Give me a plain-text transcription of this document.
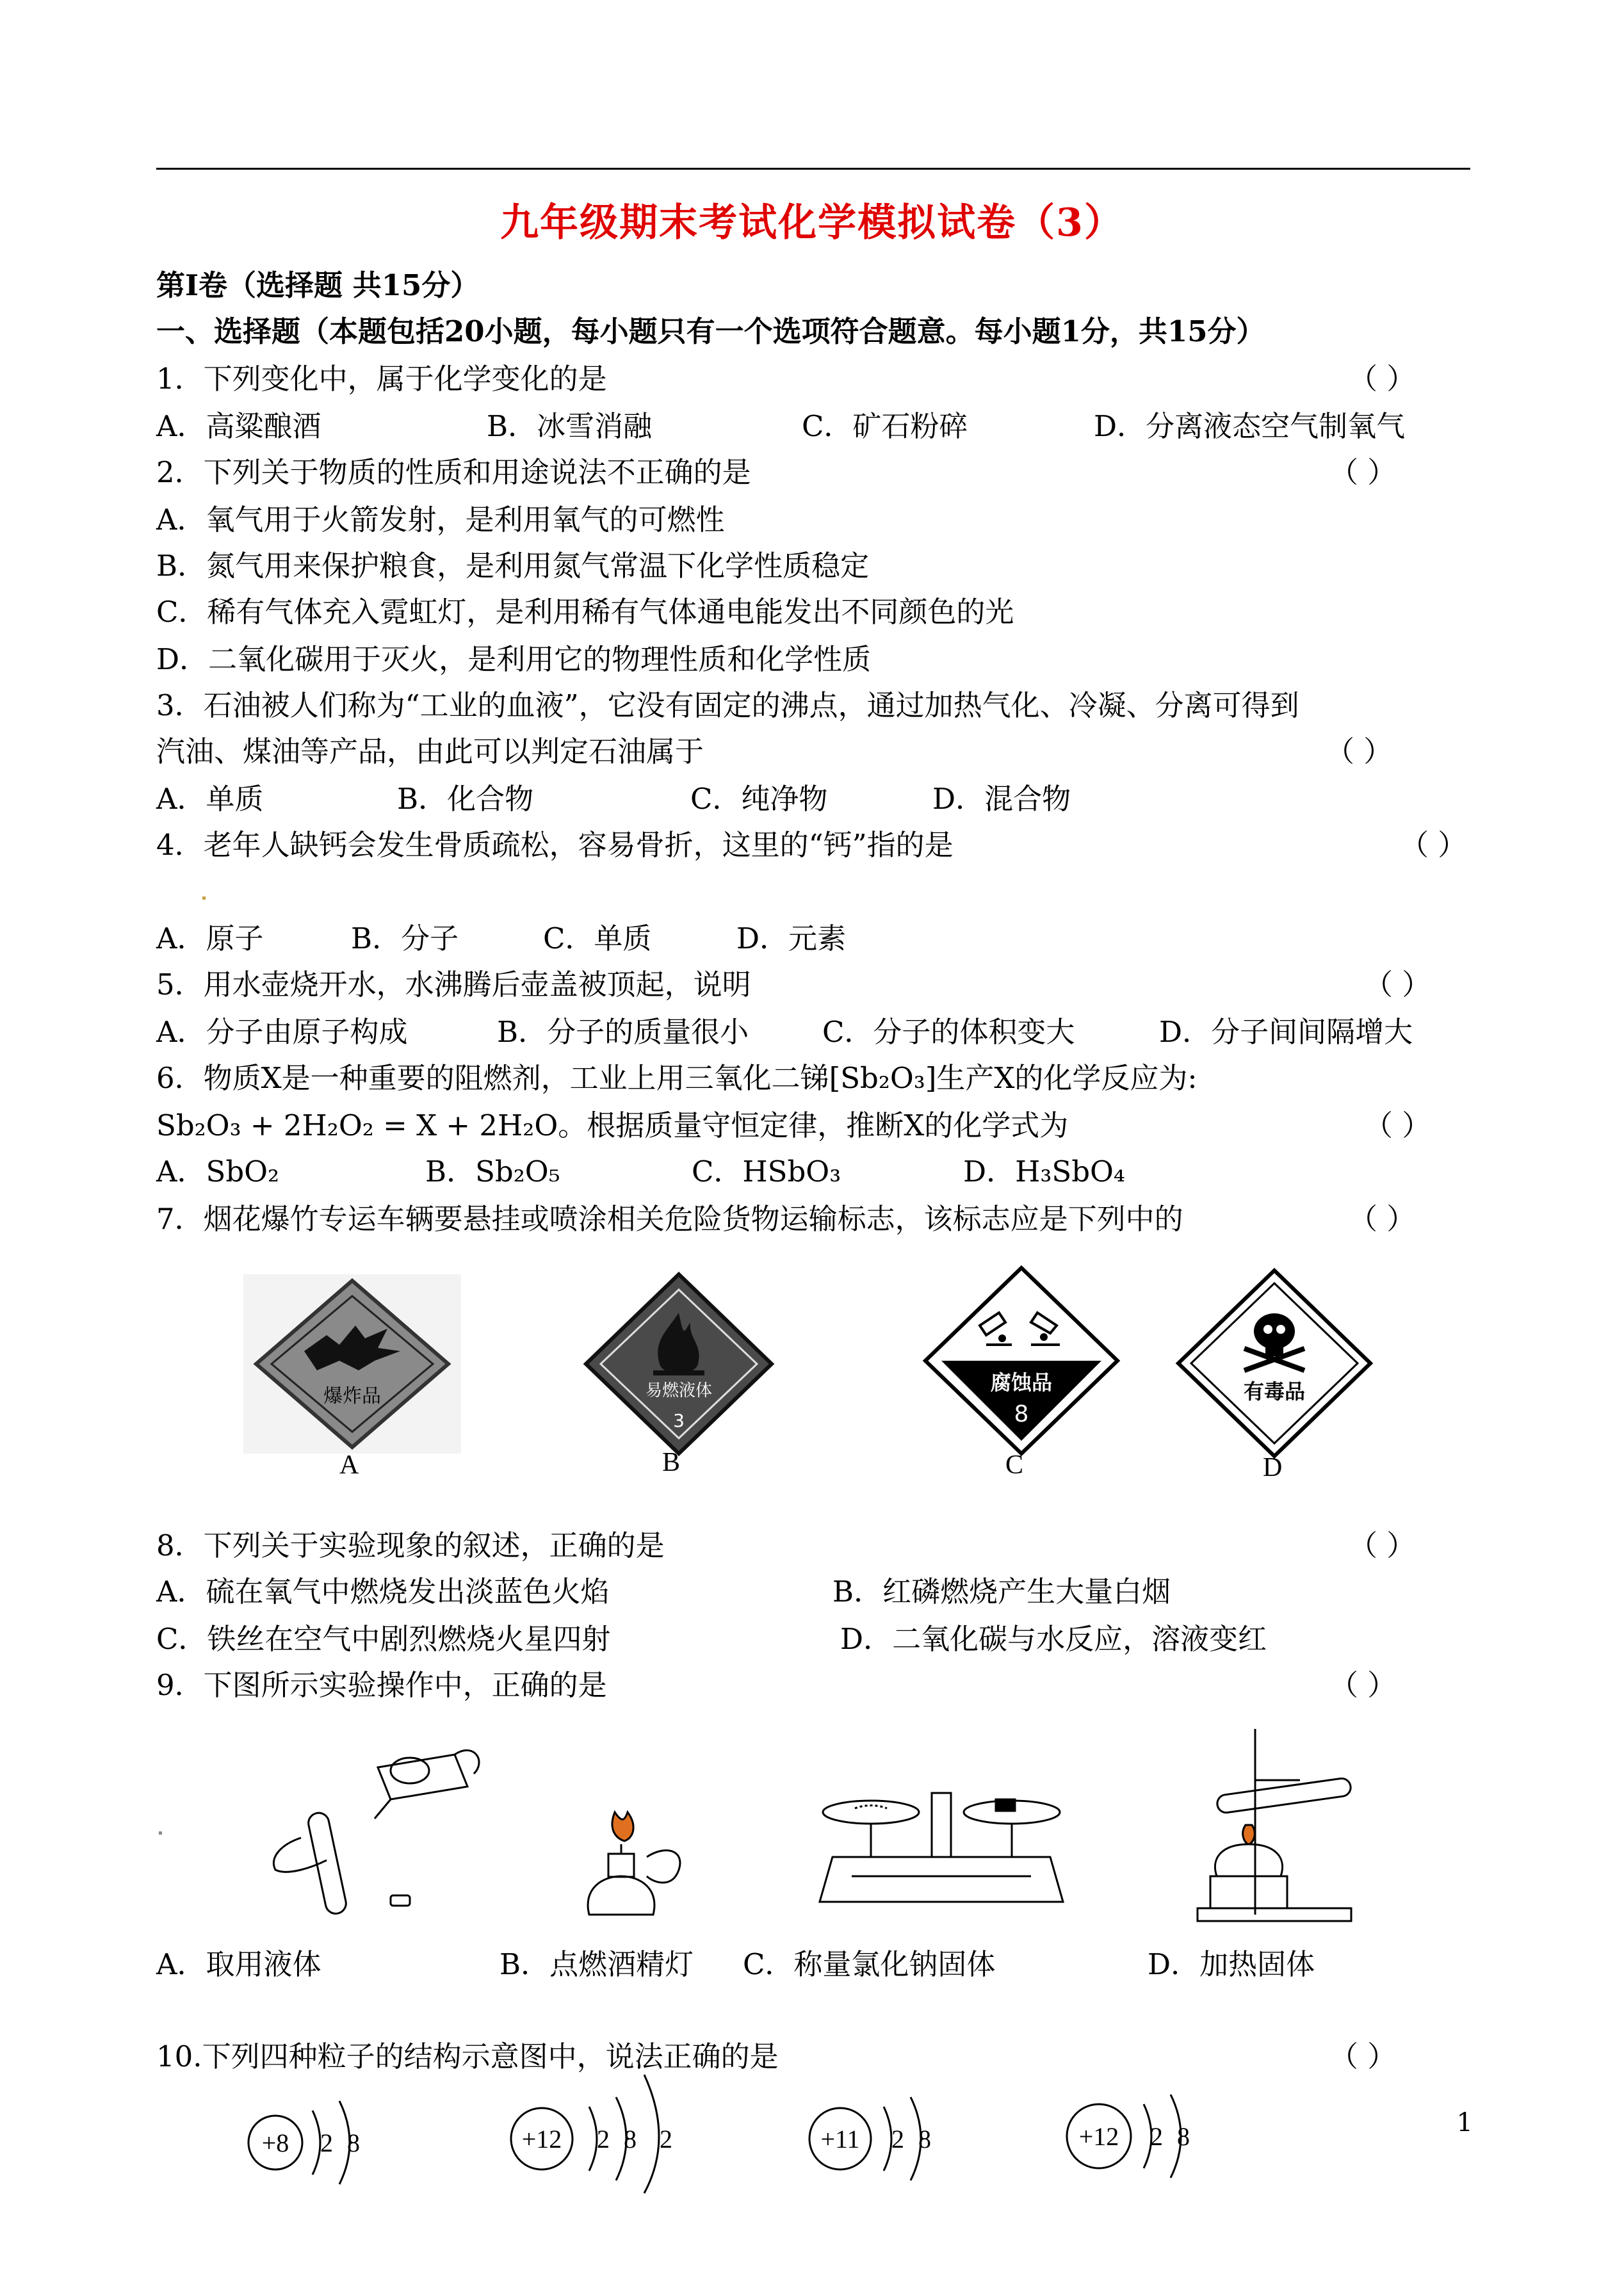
九年级期末考试化学模拟试卷（3）
第Ⅰ卷（选择题 共15分）
一、选择题（本题包括20小题，每小题只有一个选项符合题意。每小题1分，共15分）
1．下列变化中，属于化学变化的是	（ ）
A．高粱酿酒	B．冰雪消融	C．矿石粉碎	D．分离液态空气制氧气
2．下列关于物质的性质和用途说法不正确的是	（ ）
A．氧气用于火箭发射，是利用氧气的可燃性
B．氮气用来保护粮食，是利用氮气常温下化学性质稳定
C．稀有气体充入霓虹灯，是利用稀有气体通电能发出不同颜色的光
D．二氧化碳用于灭火，是利用它的物理性质和化学性质
3．石油被人们称为“工业的血液”，它没有固定的沸点，通过加热气化、冷凝、分离可得到
汽油、煤油等产品，由此可以判定石油属于	（ ）
A．单质	B．化合物	C．纯净物	D．混合物
4．老年人缺钙会发生骨质疏松，容易骨折，这里的“钙”指的是	（ ）
A．原子	B．分子	C．单质	D．元素
5．用水壶烧开水，水沸腾后壶盖被顶起，说明	（ ）
A．分子由原子构成	B．分子的质量很小	C．分子的体积变大	D．分子间间隔增大
6．物质X是一种重要的阻燃剂，工业上用三氧化二锑[Sb₂O₃]生产X的化学反应为:
Sb₂O₃ + 2H₂O₂ = X + 2H₂O。根据质量守恒定律，推断X的化学式为	（ ）
A．SbO₂	B．Sb₂O₅	C．HSbO₃	D．H₃SbO₄
7．烟花爆竹专运车辆要悬挂或喷涂相关危险货物运输标志，该标志应是下列中的	（ ）
爆炸品
A
易燃液体
3
B
腐蚀品
8
C
有毒品
D
8．下列关于实验现象的叙述，正确的是	（ ）
A．硫在氧气中燃烧发出淡蓝色火焰	B．红磷燃烧产生大量白烟
C．铁丝在空气中剧烈燃烧火星四射	D．二氧化碳与水反应，溶液变红
9．下图所示实验操作中，正确的是	（ ）
A．取用液体	B．点燃酒精灯 C．称量氯化钠固体	D．加热固体
10.下列四种粒子的结构示意图中，说法正确的是	（ ）
+8 2 8	+12 2 8 2	+11 2 8	+12 2 8	1
